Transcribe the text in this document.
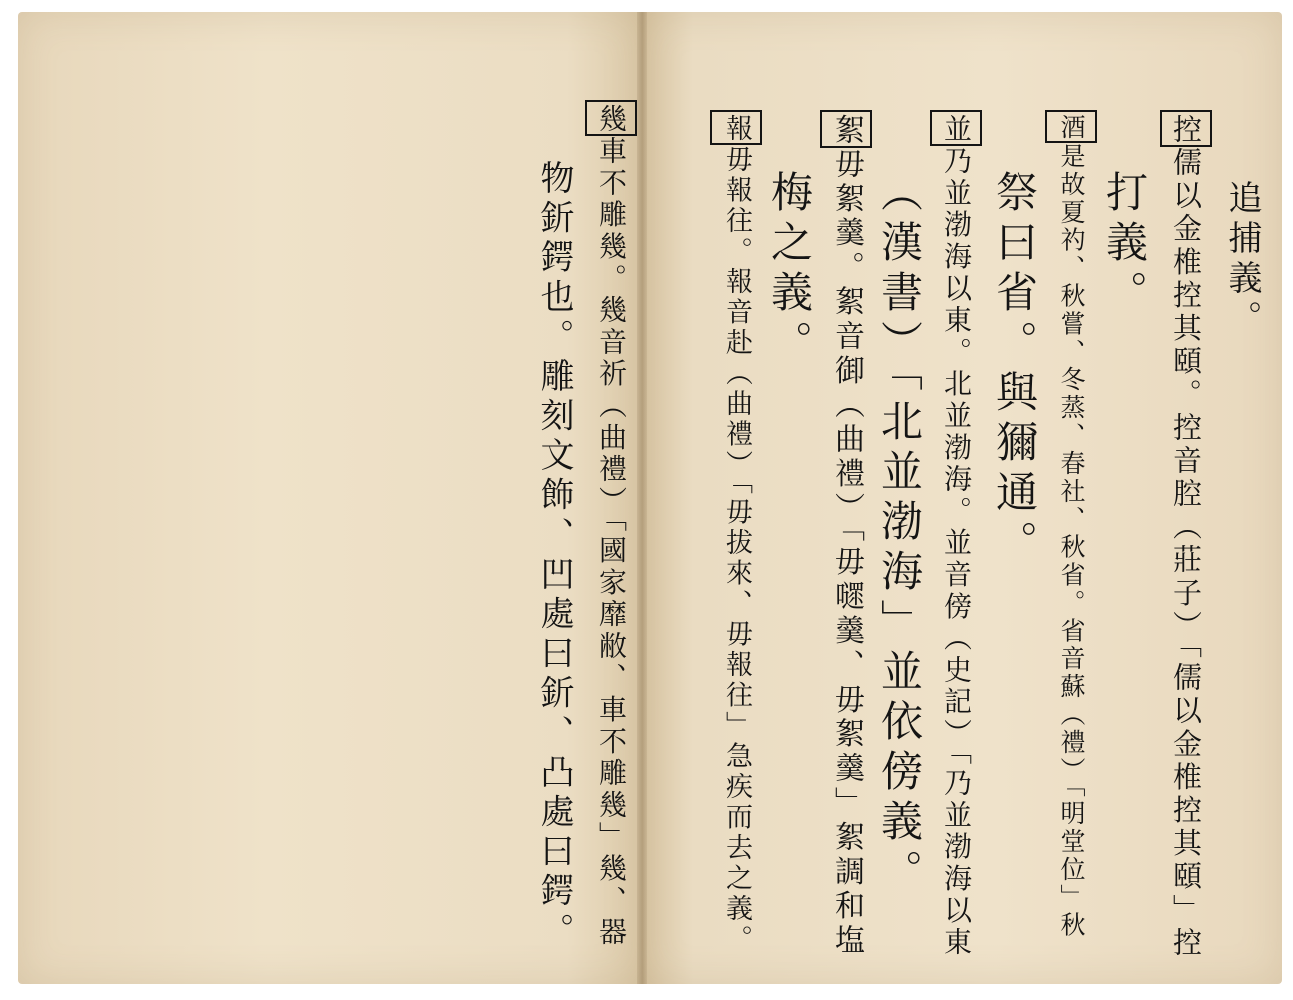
追捕義。
控儒以金椎控其頤。控音腔（莊子）「儒以金椎控其頤」控
打義。
酒是故夏礿、秋嘗、冬蒸、春社、秋省。省音蘇（禮）「明堂位」秋
祭曰省。與獮通。
並乃並渤海以東。北並渤海。並音傍（史記）「乃並渤海以東
（漢書）「北並渤海」並依傍義。
絮毋絮羹。絮音御（曲禮）「毋嚃羹、毋絮羹」絮調和塩
梅之義。
報毋報往。報音赴（曲禮）「毋拔來、毋報往」急疾而去之義。
幾車不雕幾。幾音祈（曲禮）「國家靡敝、車不雕幾」幾、器
物釿鍔也。雕刻文飾、凹處曰釿、凸處曰鍔。
